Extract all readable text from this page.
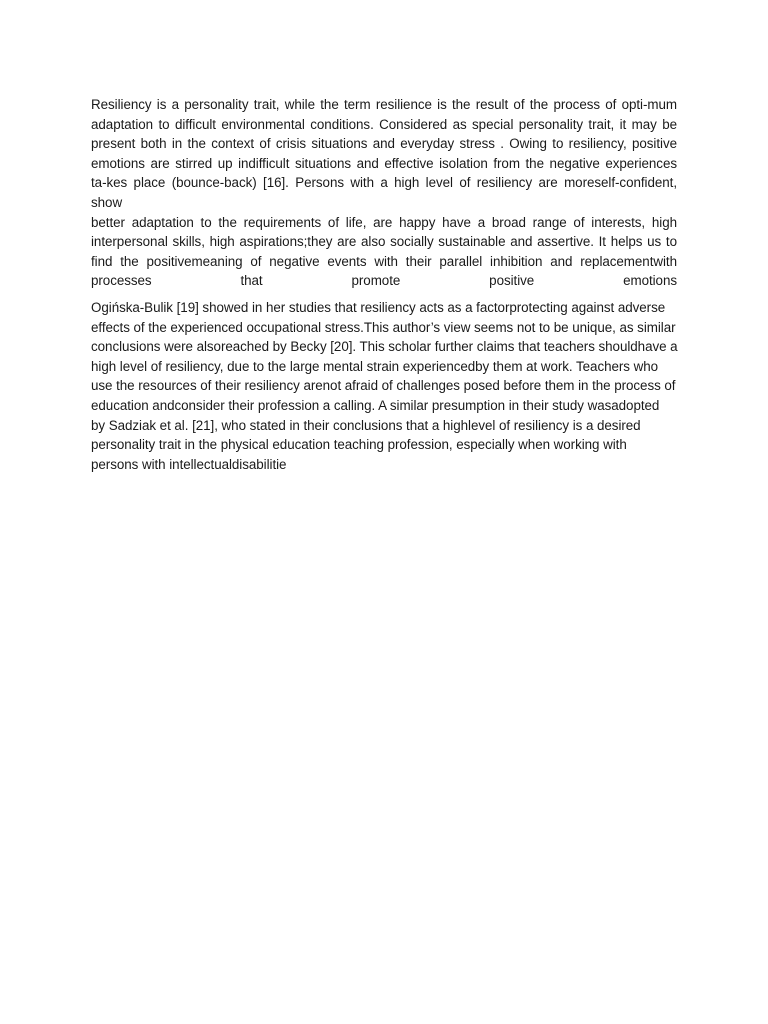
Resiliency is a personality trait, while the term resilience is the result of the process of opti-mum
adaptation to difficult environmental conditions. Considered as special personality trait, it may be
present both in the context of crisis situations and everyday stress . Owing to resiliency, positive
emotions are stirred up indifficult situations and effective isolation from the negative experiences
ta-kes place (bounce-back) [16]. Persons with a high level of resiliency are moreself-confident, show
better adaptation to the requirements of life, are happy have a broad range of interests, high
interpersonal skills, high aspirations;they are also socially sustainable and assertive. It helps us to
find the positivemeaning of negative events with their parallel inhibition and replacementwith
processes that promote positive emotions
Ogińska-Bulik [19] showed in her studies that resiliency acts as a factorprotecting against adverse
effects of the experienced occupational stress.This author’s view seems not to be unique, as similar
conclusions were alsoreached by Becky [20]. This scholar further claims that teachers shouldhave a
high level of resiliency, due to the large mental strain experiencedby them at work. Teachers who
use the resources of their resiliency arenot afraid of challenges posed before them in the process of
education andconsider their profession a calling. A similar presumption in their study wasadopted
by Sadziak et al. [21], who stated in their conclusions that a highlevel of resiliency is a desired
personality trait in the physical education teaching profession, especially when working with
persons with intellectualdisabilitie
